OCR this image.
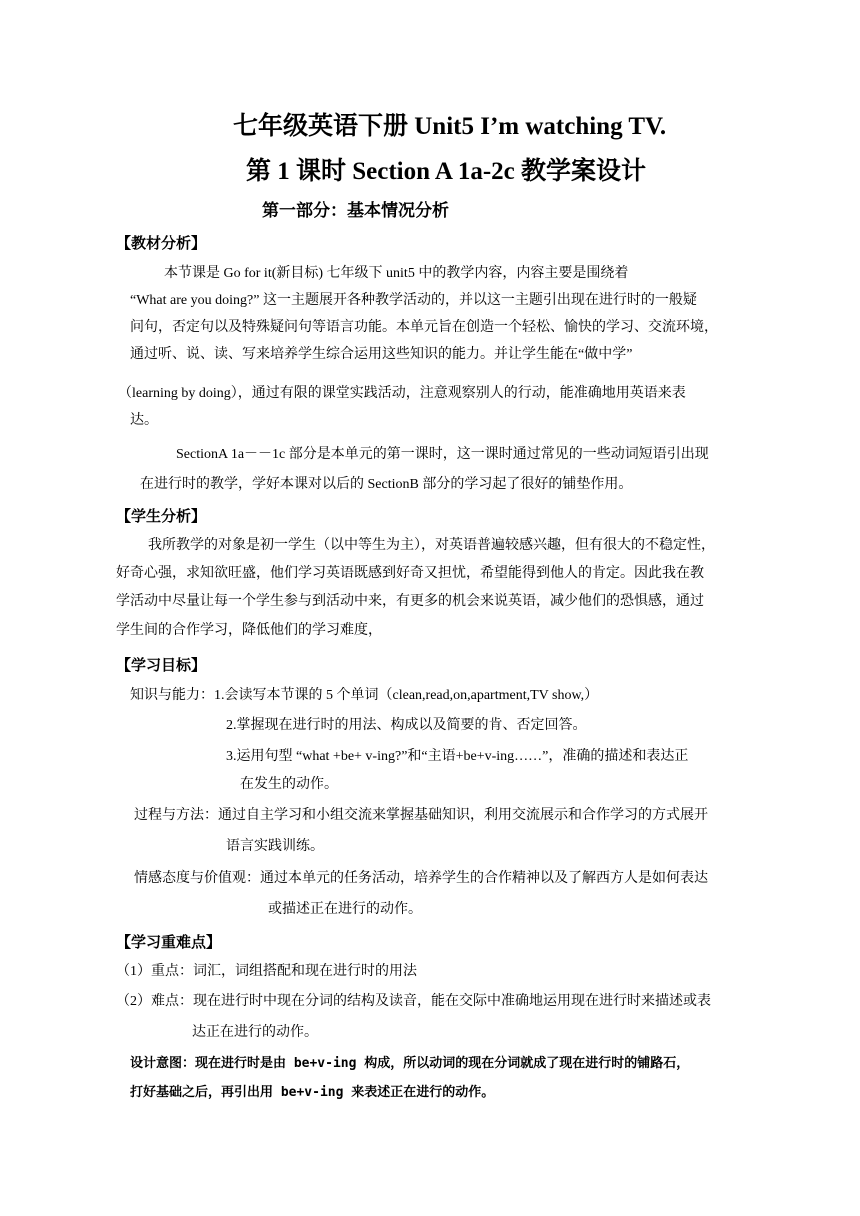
七年级英语下册 Unit5 I’m watching TV.
第 1 课时 Section A 1a-2c 教学案设计
第一部分：基本情况分析
【教材分析】
本节课是 Go for it(新目标) 七年级下 unit5 中的教学内容，内容主要是围绕着
“What are you doing?” 这一主题展开各种教学活动的，并以这一主题引出现在进行时的一般疑
问句，否定句以及特殊疑问句等语言功能。本单元旨在创造一个轻松、愉快的学习、交流环境，
通过听、说、读、写来培养学生综合运用这些知识的能力。并让学生能在“做中学”
（learning by doing），通过有限的课堂实践活动，注意观察别人的行动，能准确地用英语来表
达。
SectionA 1a－－1c 部分是本单元的第一课时，这一课时通过常见的一些动词短语引出现
在进行时的教学，学好本课对以后的 SectionB 部分的学习起了很好的铺垫作用。
【学生分析】
我所教学的对象是初一学生（以中等生为主），对英语普遍较感兴趣，但有很大的不稳定性，
好奇心强，求知欲旺盛，他们学习英语既感到好奇又担忧，希望能得到他人的肯定。因此我在教
学活动中尽量让每一个学生参与到活动中来，有更多的机会来说英语，减少他们的恐惧感，通过
学生间的合作学习，降低他们的学习难度，
【学习目标】
知识与能力：1.会读写本节课的 5 个单词（clean,read,on,apartment,TV show,）
2.掌握现在进行时的用法、构成以及简要的肯、否定回答。
3.运用句型 “what +be+ v-ing?”和“主语+be+v-ing……”，准确的描述和表达正
在发生的动作。
过程与方法：通过自主学习和小组交流来掌握基础知识，利用交流展示和合作学习的方式展开
语言实践训练。
情感态度与价值观：通过本单元的任务活动，培养学生的合作精神以及了解西方人是如何表达
或描述正在进行的动作。
【学习重难点】
（1）重点：词汇，词组搭配和现在进行时的用法
（2）难点：现在进行时中现在分词的结构及读音，能在交际中准确地运用现在进行时来描述或表
达正在进行的动作。
设计意图：现在进行时是由 be+v-ing 构成，所以动词的现在分词就成了现在进行时的铺路石，
打好基础之后，再引出用 be+v-ing 来表述正在进行的动作。
